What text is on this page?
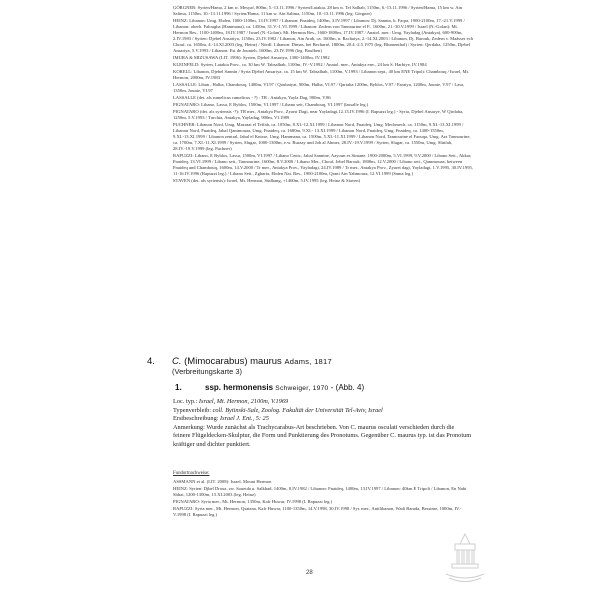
GÖRGNER: Syrien/Hama, 2 km w. Mesyaf, 800m, 5.-13.11.1996 / Syrien/Latakia, 28 km w. Tel Salhab, 1150m, 6.-13.11.1996 / Syrien/Hama, 15 km w. Ain Salima, 1150m, 10.-13.11.1996 / Syrien/Hama, 11 km w. Ain Salima, 1150m, 10.-13.11.1996 (leg. Görgner)

HEINZ: Libanon: Umg. Ehden, 1000-1100m, 13.IV.1997 / Libanon: Fnaideq, 1400m, 3.IV.1997 / Libanon: Dj. Sannin, b. Faqra, 1900-2100m, 17.-21.V.1999 / Libanon: oberh. Falougha (Hammana), ca. 1450m, 31.V.-1.VI.1999 / Libanon: Zedern von Tannourine el F., 1600m, 21.-30.V.1999 / Israel (N.-Golan): Mt. Hermon Res., 1100-1400m, 18.IV.1987 / Israel (N.-Golan): Mt. Hermon Res., 1600-1800m, 17.IV.1987 / Anatol. mer.: Umg. Yayladag (Antakya), 600-900m, 2.IV.1983 / Syrien: Djebel Ansariya, 1150m, 23.IV.1982 / Libanon, Ain Arab, ca. 1600m, n. Rachaiya, 2.-14.XI.2003 / Libanon, Dj. Barouk, Zedern v. Maâsser ech Chouf, ca. 1650m, 4.-14.XI.2003 (leg. Heinz) / Nördl. Libanon: Dimas, bei Becharré, 1800m, 20.4.-2.5.1975 (leg. Blumenthal) / Syrien: Qerdaha, 1250m, Djebel Ansariya, 5.V.1993 / Libanon: Est de Jounieh, 1600m, 23.IV.1996 (leg. Boulben)

IMURA & MIZUSAWA (LIT. 1996): Syrien, Djebel Ansariya, 1300-1400m, IV.1982

KLEINFELD: Syrien, Latakia Prov., ca. 30 km W. Tabsalhab, 1100m, IV.-V.1992 / Anatol. mer., Antakya env., 24 km S. Harbiye, IV.1984

KORELL: Libanon, Djebel Sannin / Syria Djebel Ansariya, ca. 15 km W. Tabsalhab, 1100m, V.1993 / Libanon sept., 40 km ENE Tripoli: Chambouq / Israel, Mt. Hermon, 2000m, IV.1983

LASSALLE: Liban , Halba, Chambouq, 1400m, VI.97 / Qoubaiyat, 900m, Halba, VI.97 / Qartaba 1200m, Byblos, V.97 / Faraiya, 1200m, Jounie, V.97 / Lasa, 1350m, Jounie, VI.97

LASSALLE (det. als rumelicus rumelicus - ?) : TR : Antakya, Yayla Dag, 900m, V.86

PIGNATARO: Libano, Lassa, E Byblos, 1500m, VI.1997 / Libano sett, Chambouq, VI.1997 (lassalle leg.)

PIGNATARO (det. als syriensis -?): TR mer., Antakya Prov., Zyarst Dagi, near Yayladagi,12.13.IV.1996 (I. Rapuzzi leg.) - Syria, Djebel Ansarye, W Qirdaha, 1250m, 5.V.1993 / Turchia, Antakya, Yayladag, 900m, VI.1989

PUCHNER: Libanon Nord, Umg. Mazraat el Teffah, ca. 1050m, 8.XI.-12.XI.1999 / Libanon Nord, Fnaideq, Umg. Mechmech, ca. 1150m, 9.XI.-13.XI.1999 / Libanon Nord, Fnaideq, Jabal Qammouaa, Umg. Fnaideq, ca. 1680m, 9.XI.- 13.XI.1999 / Libanon Nord, Fnaideq, Umg. Fnaideq, ca. 1400-1550m, 9.XI.-13.XI.1999 / Libanon zentral, Jabal el Knisse, Umg. Hammana, ca. 1500m, 5.XI.-11.XI.1999 / Libanon Nord, Tannourine el Faouqa, Umg. Arz Tannourine, ca. 1700m, 7.XI.-11.XI.1999 / Syrien, Slugar, 1000-1300m, e.w. Burzay und Job al Ahmer, 28.IV.-19.V.1999 / Syrien, Slugar, ca. 1550m, Umg. Slinfah, 28.IV.-19.V.1999 (leg. Puchner)

RAPUZZI: Libano, E Byblos, Lassa, 1500m, VI.1997 / Libano Centr., Jabal Sannine, Aayoun es Simane, 1900-2000m, 5.VI.1999, 9.V.2000 / Libano Sett., Akkar, Fnaideq, 13.VI.1999 / Libano sett., Tannourine, 1600m, 8.V.2000 / Libano Mer., Chouf, Jebel Barouk, 1800m, 12.V.2000 / Libano sett., Qammouaa, between Fnaideq and Chambouq, 1600m, 14.V.2000 / Tr mer., Antakya Prov., Yayladagi, 24.IV.1989 / Tr mer., Antakya Prov., Zyaret dagi, Yayladagi, 1.V.1995, 30.IV.1995, 11-16.IV.1996 (Rapuzzi leg.) / Libano Sett., Zgharta, Ehden Nat. Res., 1900-2100m, Qrani Ain Yahmoura, 12.VI.1999 (Sama leg.)

STAVEN (det. als syriensis): Israel, Mt. Hermon, Südhang, +1460m, 5.IV.1995 (leg. Heinz & Staven)

4. C. (Mimocarabus) maurus Adams, 1817
(Verbreitungskarte 3)
1.	ssp. hermonensis Schweiger, 1970 - (Abb. 4)

Loc. typ.: Israel, Mt. Hermon, 2100m, V.1969

Typenverbleib: coll. Bytinski-Salz, Zoolog. Fakultät der Universität Tel-Aviv, Israel

Erstbeschreibung: Israel J. Ent., 5: 25

Anmerkung: Wurde zunächst als Trachycarabus-Art beschrieben. Von C. maurus osculati verschieden durch die feinere Flügeldecken-Skulptur, die Form und Punktierung des Pronotums. Gegenüber C. maurus typ. ist das Pronotum kräftiger und dichter punktiert.

Fundortnachweise:

ASSMANN et al. (LIT. 2008): Israel, Mount Hermon

HEINZ: Syrien: Djbel Drouz, zw. Soueida u. Salkhad, 1400m, 8.IV.1982 / Libanon: Fnaideq, 1400m, 13.IV.1997 / Libanon: 40km E Tripoli / Libanon, En Nabi Shbai, 1200-1300m, 15.XI.2003 (leg. Heinz)

PIGNATARO: Syria mer., Mt. Hermon, 1350m, Kafr Huwar, IV.1998 (I. Rapuzzi leg.)

RAPUZZI: Syria mer., Mt. Hermon, Qsatana, Kafr Huwar, 1100-1350m, 14.V.1998, 30.IV.1998 / Syr. mer., Antilibanon, Wadi Barada, Bessime, 1000m, IV.-V.1998 (I. Rapuzzi leg.)

28
